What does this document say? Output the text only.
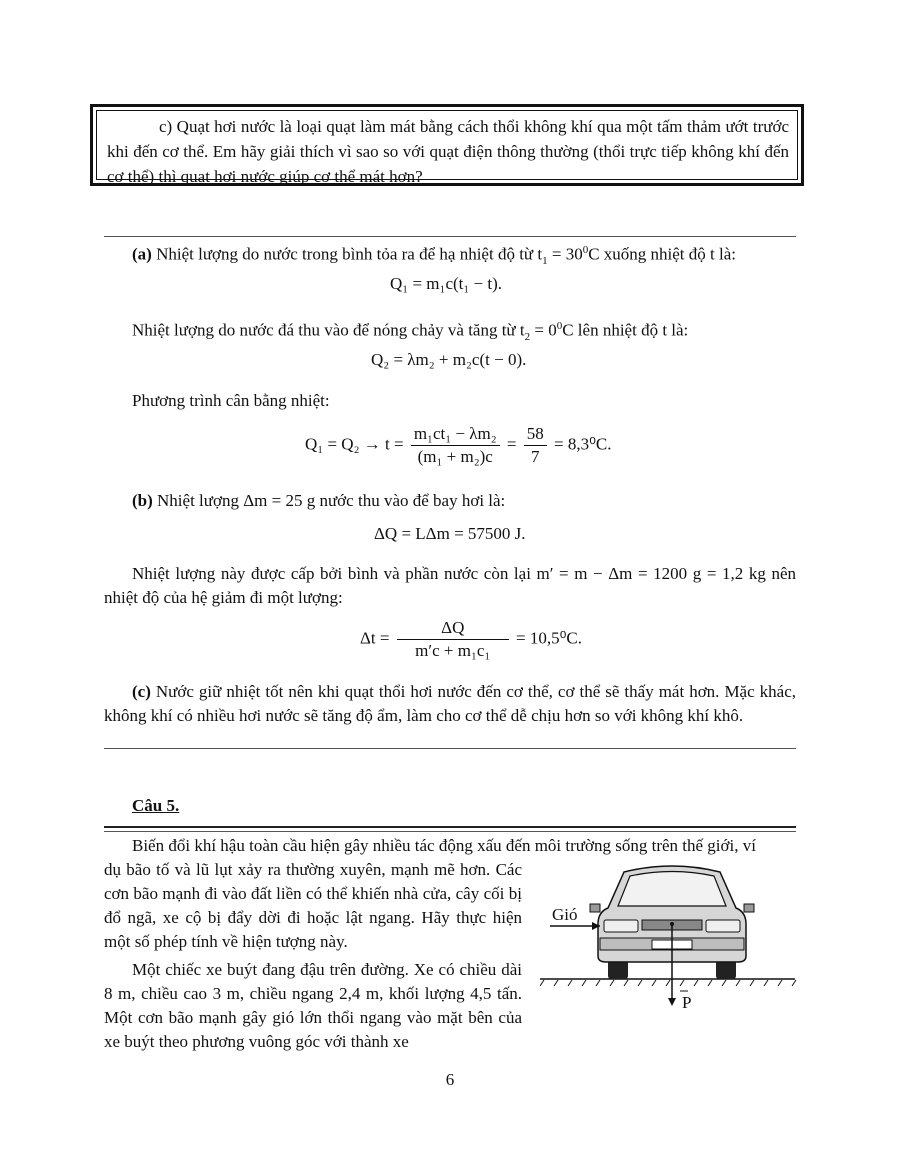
c) Quạt hơi nước là loại quạt làm mát bằng cách thổi không khí qua một tấm thảm ướt trước khi đến cơ thể. Em hãy giải thích vì sao so với quạt điện thông thường (thổi trực tiếp không khí đến cơ thể) thì quạt hơi nước giúp cơ thể mát hơn?

(a) Nhiệt lượng do nước trong bình tỏa ra để hạ nhiệt độ từ $t_1 = 30^0C$ xuống nhiệt độ t là:

Q₁ = m₁c(t₁ − t).

Nhiệt lượng do nước đá thu vào để nóng chảy và tăng từ $t_2 = 0^0C$ lên nhiệt độ t là:

Q₂ = λm₂ + m₂c(t − 0).

Phương trình cân bằng nhiệt:

$Q_1 = Q_2 \to t = \frac{\text{m₁ct₁ − λm₂}}{\text{(m₁ + m₂)c}} = \frac{58}{7} = 8,3^0C$.

(b) Nhiệt lượng Δm = 25 g nước thu vào để bay hơi là:

ΔQ = LΔm = 57500 J.

Nhiệt lượng này được cấp bởi bình và phần nước còn lại m′ = m − Δm = 1200 g = 1,2 kg nên nhiệt độ của hệ giảm đi một lượng:

$\Delta t = \frac{\Delta Q}{\text{m′c + m₁c₁}} = 10,5^0C$.

(c) Nước giữ nhiệt tốt nên khi quạt thổi hơi nước đến cơ thể, cơ thể sẽ thấy mát hơn. Mặc khác, không khí có nhiều hơi nước sẽ tăng độ ẩm, làm cho cơ thể dễ chịu hơn so với không khí khô.

Câu 5.

Biến đổi khí hậu toàn cầu hiện gây nhiều tác động xấu đến môi trường sống trên thế giới, ví

dụ bão tố và lũ lụt xảy ra thường xuyên, mạnh mẽ hơn. Các cơn bão mạnh đi vào đất liền có thể khiến nhà cửa, cây cối bị đổ ngã, xe cộ bị đẩy dời đi hoặc lật ngang. Hãy thực hiện một số phép tính về hiện tượng này.

Một chiếc xe buýt đang đậu trên đường. Xe có chiều dài 8 m, chiều cao 3 m, chiều ngang 2,4 m, khối lượng 4,5 tấn. Một cơn bão mạnh gây gió lớn thổi ngang vào mặt bên của xe buýt theo phương vuông góc với thành xe

Gió
P
6
